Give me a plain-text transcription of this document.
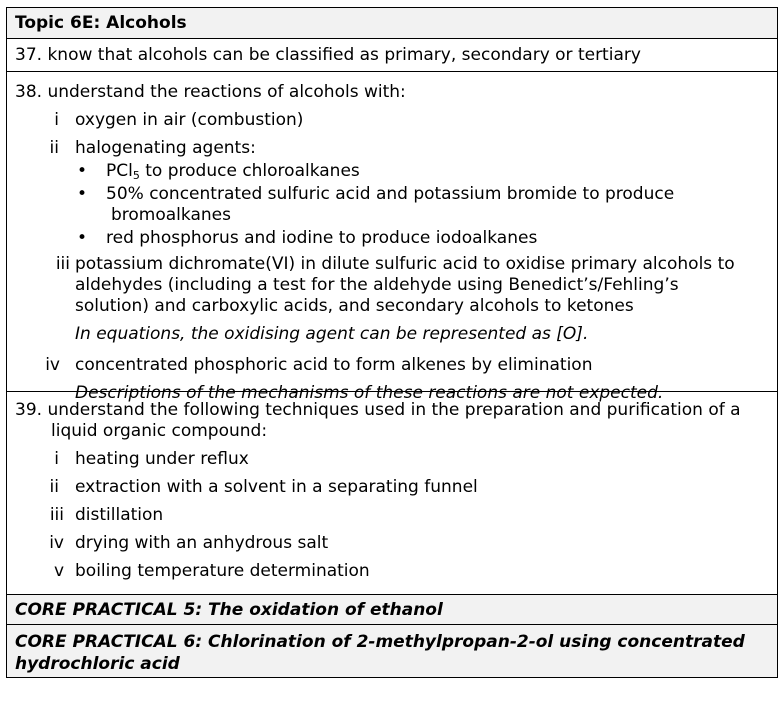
Topic 6E: Alcohols
37. know that alcohols can be classified as primary, secondary or tertiary
38. understand the reactions of alcohols with:
i oxygen in air (combustion)
ii halogenating agents:
• PCl$_5$ to produce chloroalkanes
• 50% concentrated sulfuric acid and potassium bromide to produce
bromoalkanes
• red phosphorus and iodine to produce iodoalkanes
iii potassium dichromate(VI) in dilute sulfuric acid to oxidise primary alcohols to
aldehydes (including a test for the aldehyde using Benedict’s/Fehling’s
solution) and carboxylic acids, and secondary alcohols to ketones
In equations, the oxidising agent can be represented as [O].
iv concentrated phosphoric acid to form alkenes by elimination
Descriptions of the mechanisms of these reactions are not expected.
39. understand the following techniques used in the preparation and purification of a
liquid organic compound:
i heating under reflux
ii extraction with a solvent in a separating funnel
iii distillation
iv drying with an anhydrous salt
v boiling temperature determination
CORE PRACTICAL 5: The oxidation of ethanol
CORE PRACTICAL 6: Chlorination of 2-methylpropan-2-ol using concentrated
hydrochloric acid
